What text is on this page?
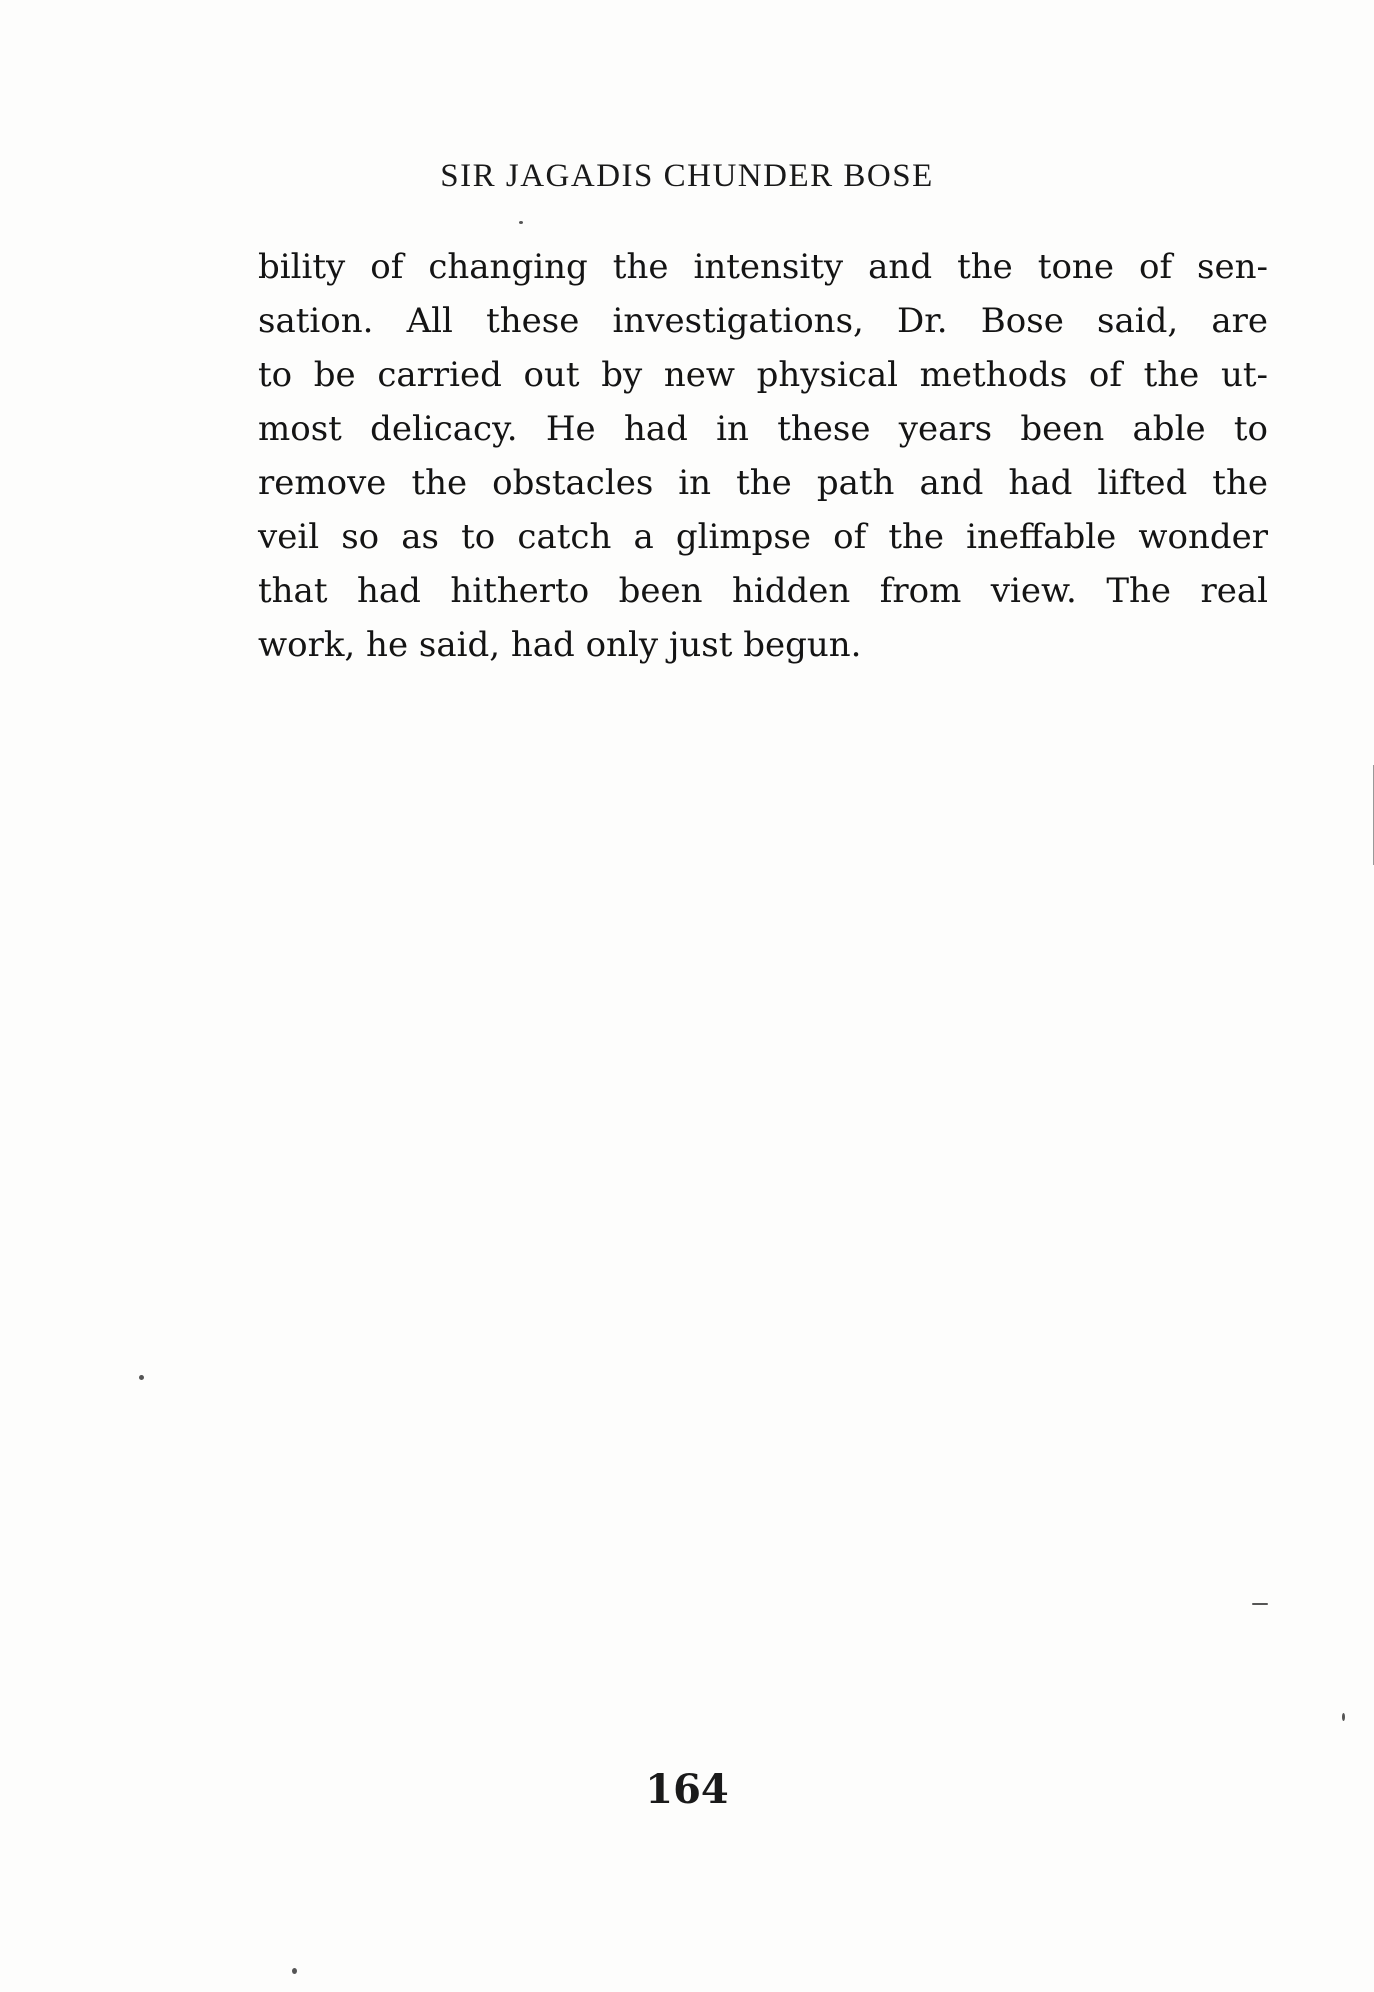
SIR JAGADIS CHUNDER BOSE

bility of changing the intensity and the tone of sen-
sation. All these investigations, Dr. Bose said, are
to be carried out by new physical methods of the ut-
most delicacy. He had in these years been able to
remove the obstacles in the path and had lifted the
veil so as to catch a glimpse of the ineffable wonder
that had hitherto been hidden from view. The real
work, he said, had only just begun.

164
